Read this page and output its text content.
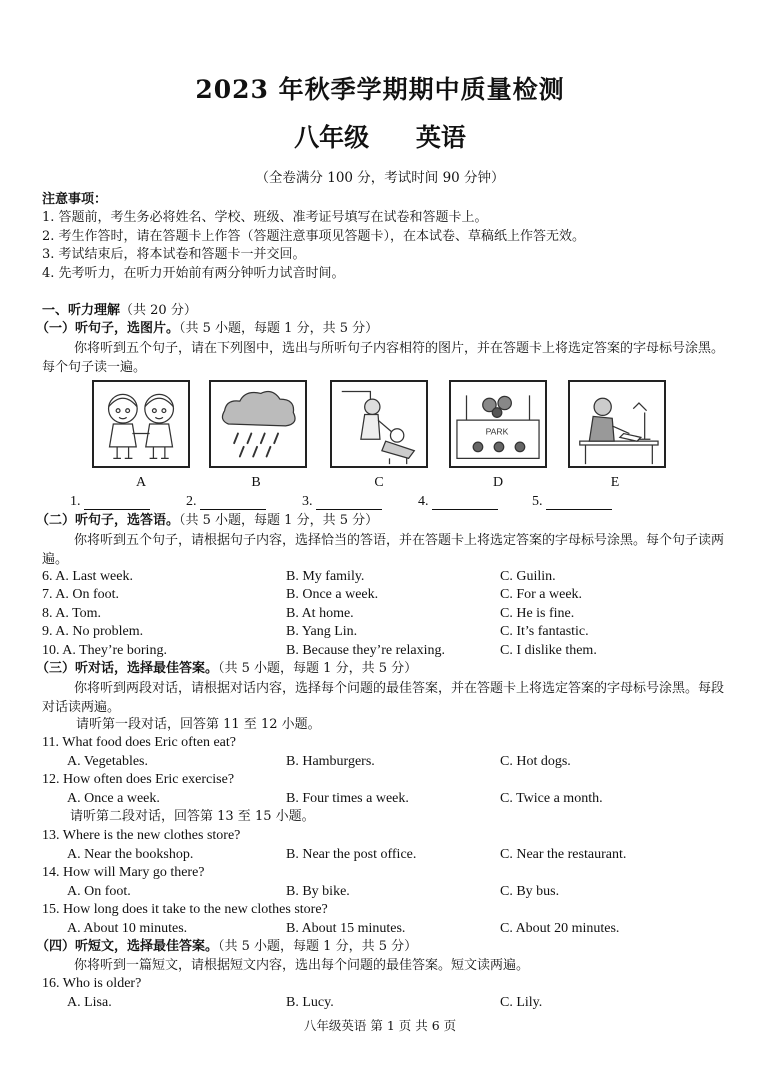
2023 年秋季学期期中质量检测
八年级 英语
（全卷满分 100 分，考试时间 90 分钟）
注意事项：
1. 答题前，考生务必将姓名、学校、班级、准考证号填写在试卷和答题卡上。
2. 考生作答时，请在答题卡上作答（答题注意事项见答题卡），在本试卷、草稿纸上作答无效。
3. 考试结束后，将本试卷和答题卡一并交回。
4. 先考听力，在听力开始前有两分钟听力试音时间。
一、听力理解（共 20 分）
（一）听句子，选图片。（共 5 小题，每题 1 分，共 5 分）
你将听到五个句子，请在下列图中，选出与所听句子内容相符的图片，并在答题卡上将选定答案的字母标号涂黑。每个句子读一遍。
PARK
A	B	C	D	E
1.	2.	3.	4.	5.
（二）听句子，选答语。（共 5 小题，每题 1 分，共 5 分）
你将听到五个句子，请根据句子内容，选择恰当的答语，并在答题卡上将选定答案的字母标号涂黑。每个句子读两遍。
6. A. Last week.	B. My family.	C. Guilin.
7. A. On foot.	B. Once a week.	C. For a week.
8. A. Tom.	B. At home.	C. He is fine.
9. A. No problem.	B. Yang Lin.	C. It’s fantastic.
10. A. They’re boring.	B. Because they’re relaxing.	C. I dislike them.
（三）听对话，选择最佳答案。（共 5 小题，每题 1 分，共 5 分）
你将听到两段对话，请根据对话内容，选择每个问题的最佳答案，并在答题卡上将选定答案的字母标号涂黑。每段对话读两遍。
请听第一段对话，回答第 11 至 12 小题。
11. What food does Eric often eat?
A. Vegetables.	B. Hamburgers.	C. Hot dogs.
12. How often does Eric exercise?
A. Once a week.	B. Four times a week.	C. Twice a month.
请听第二段对话，回答第 13 至 15 小题。
13. Where is the new clothes store?
A. Near the bookshop.	B. Near the post office.	C. Near the restaurant.
14. How will Mary go there?
A. On foot.	B. By bike.	C. By bus.
15. How long does it take to the new clothes store?
A. About 10 minutes.	B. About 15 minutes.	C. About 20 minutes.
（四）听短文，选择最佳答案。（共 5 小题，每题 1 分，共 5 分）
你将听到一篇短文，请根据短文内容，选出每个问题的最佳答案。短文读两遍。
16. Who is older?
A. Lisa.	B. Lucy.	C. Lily.
八年级英语 第 1 页 共 6 页
